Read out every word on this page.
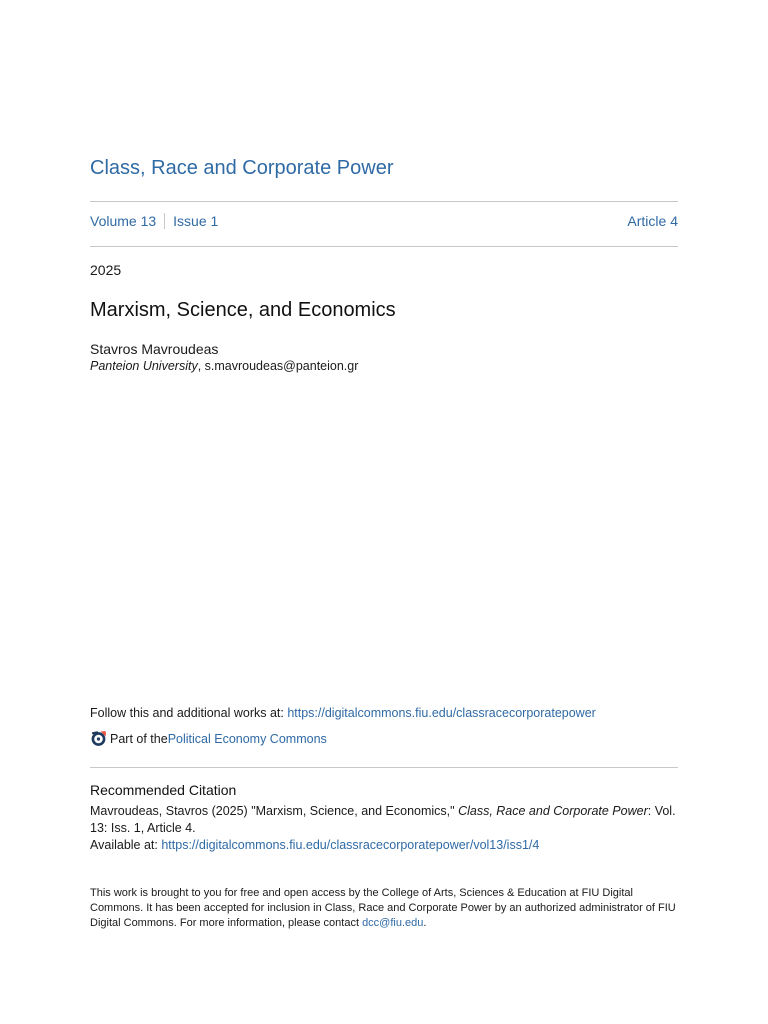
Class, Race and Corporate Power
Volume 13 Issue 1	Article 4
2025
Marxism, Science, and Economics
Stavros Mavroudeas
Panteion University, s.mavroudeas@panteion.gr
Follow this and additional works at: https://digitalcommons.fiu.edu/classracecorporatepower
Part of the Political Economy Commons
Recommended Citation
Mavroudeas, Stavros (2025) "Marxism, Science, and Economics," Class, Race and Corporate Power: Vol. 13: Iss. 1, Article 4.
Available at: https://digitalcommons.fiu.edu/classracecorporatepower/vol13/iss1/4
This work is brought to you for free and open access by the College of Arts, Sciences & Education at FIU Digital Commons. It has been accepted for inclusion in Class, Race and Corporate Power by an authorized administrator of FIU Digital Commons. For more information, please contact dcc@fiu.edu.
